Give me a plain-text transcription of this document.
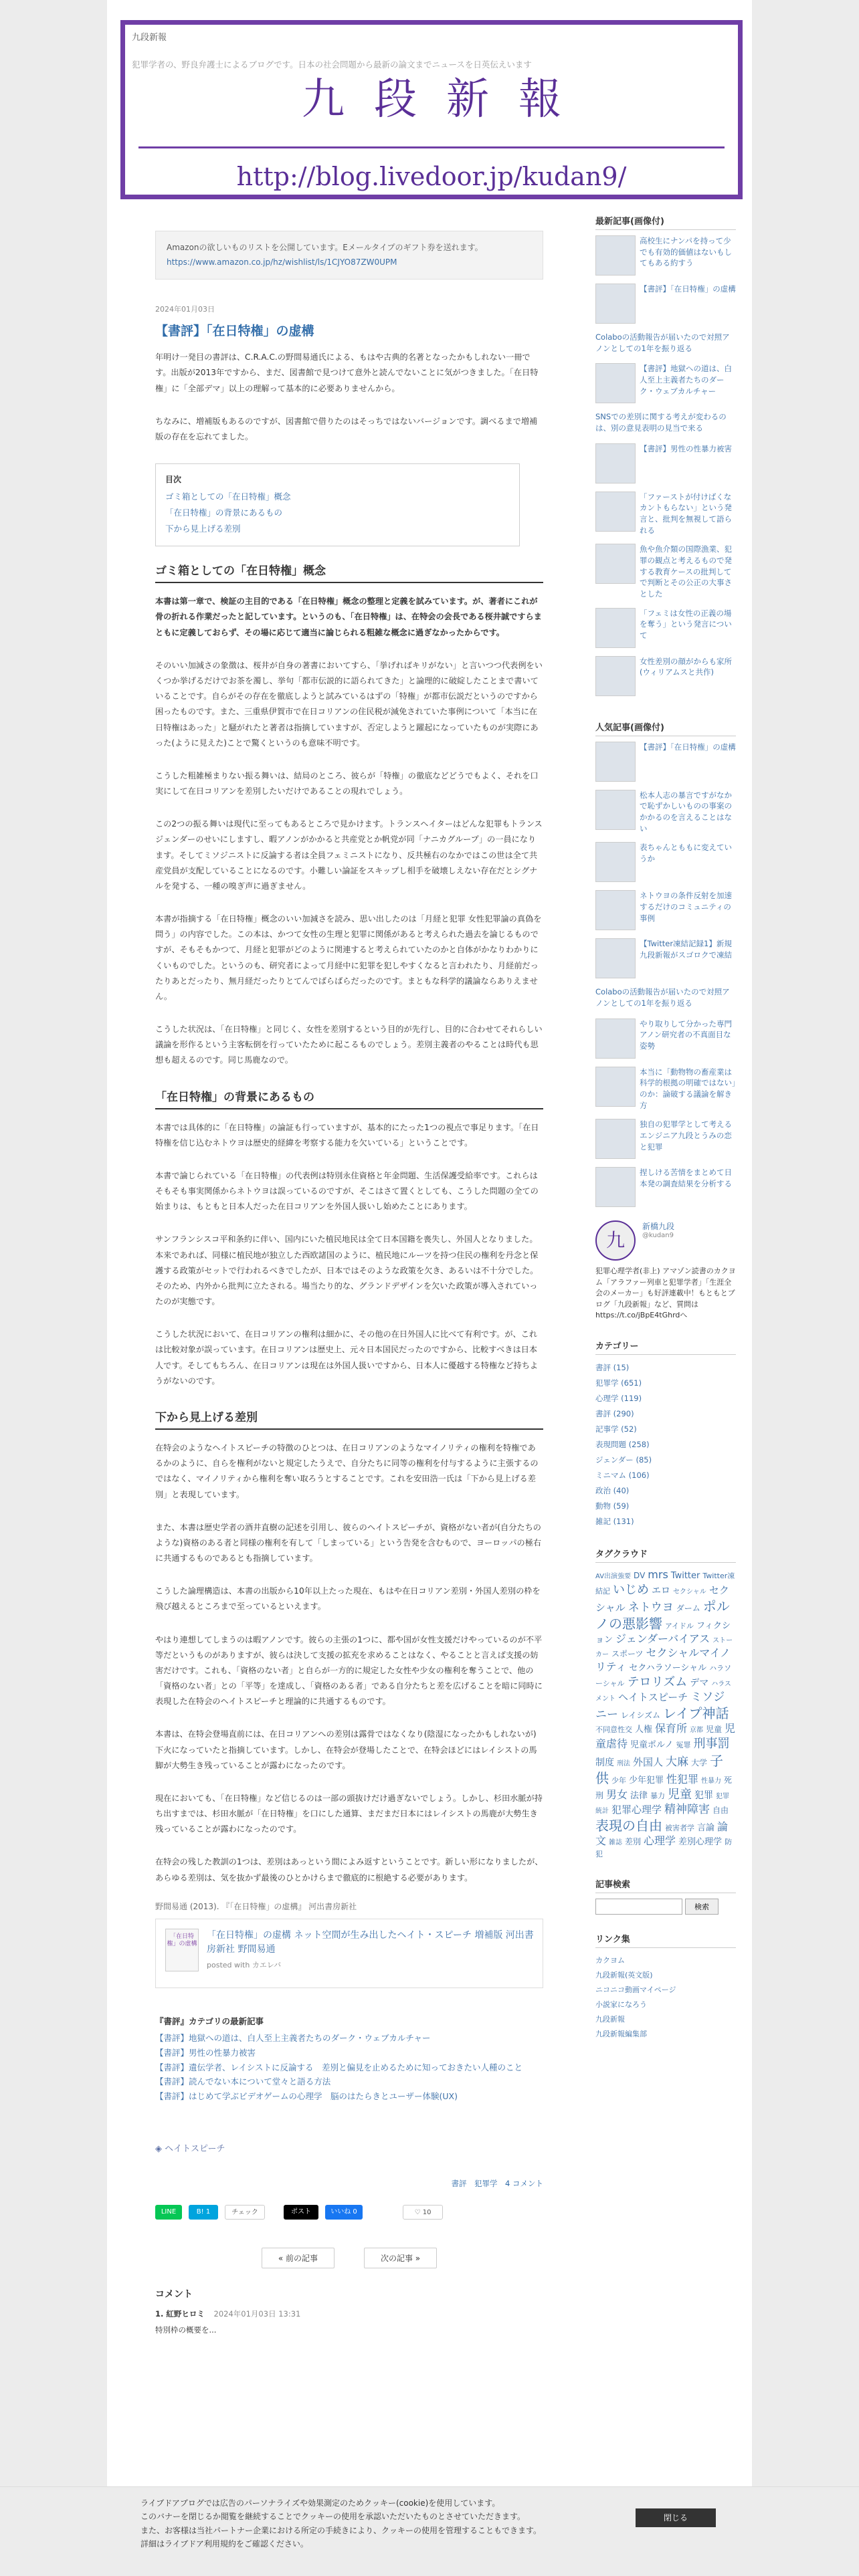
九段新報
犯罪学者の、野良弁護士によるブログです。日本の社会問題から最新の論文までニュースを日英伝えいます
九段新報
http://blog.livedoor.jp/kudan9/
Amazonの欲しいものリストを公開しています。Eメールタイプのギフト券を送れます。
https://www.amazon.co.jp/hz/wishlist/ls/1CJYO87ZW0UPM
2024年01月03日
【書評】「在日特権」の虚構
年明け一発目の書評は、C.R.A.C.の野間易通氏による、もはや古典的名著となったかもしれない一冊です。出版が2013年ですから、まだ、図書館で見つけて意外と読んでないことに気がつきました。「在日特権」に「全部デマ」以上の理解って基本的に必要ありませんから。
ちなみに、増補版もあるのですが、図書館で借りたのはそっちではないバージョンです。調べるまで増補版の存在を忘れてました。
目次
ゴミ箱としての「在日特権」概念
「在日特権」の背景にあるもの
下から見上げる差別
ゴミ箱としての「在日特権」概念
本書は第一章で、検証の主目的である「在日特権」概念の整理と定義を試みています。が、著者にこれが骨の折れる作業だったと記しています。というのも、「在日特権」は、在特会の会長である桜井誠ですらまともに定義しておらず、その場に応じて適当に論じられる粗雑な概念に過ぎなかったからです。
そのいい加減さの象徴は、桜井が自身の著書においてすら、「挙げればキリがない」と言いつつ代表例をいくつか挙げるだけでお茶を濁し、挙句「都市伝説的に語られてきた」と論理的に破綻したことまで書いていることです。自らがその存在を徹底しようと試みているはずの「特権」が都市伝説だというのですから困ったものです。また、三重県伊賀市で在日コリアンの住民税が減免されていた事例について「本当に在日特権はあった」と騒がれたと著者は指摘していますが、否定しようと躍起になっていたものが実際にあった(ように見えた)ことで驚くというのも意味不明です。
こうした粗雑極まりない振る舞いは、結局のところ、彼らが「特権」の徹底などどうでもよく、それを口実にして在日コリアンを差別したいだけであることの現れでしょう。
この2つの振る舞いは現代に至ってもあるところで見かけます。トランスヘイターはどんな犯罪もトランスジェンダーのせいにしますし、暇アノンがかかると共産党とか帆党が同「ナニカグループ」の一員になります。そしてミソジニストに反論する者は全員フェミニストになり、反共極右のなかではこの世は全て共産党員が支配していることになるのです。小難しい論証をスキップし相手を破壊しえない存在だとシグナルを発する、一種の嗅ぎ声に過ぎません。
本書が指摘する「在日特権」概念のいい加減さを読み、思い出したのは「月経と犯罪 女性犯罪論の真偽を問う」の内容でした。この本は、かつて女性の生理と犯罪に関係があると考えられた過去を論じるものですが、そもそもかつて、月経と犯罪がどのように関連すると考えられていたのかと自体がかなりわかりにくいものでした。というのも、研究者によって月経中に犯罪を犯しやすくなると言われたり、月経前だったりあとだったり、無月経だったりとてんでばらばらだったのです。まともな科学的議論ならありえません。
こうした状況は、「在日特権」と同じく、女性を差別するという目的が先行し、目的に合わせてそれらしい議論を形作るという主客転倒を行っていたために起こるものでしょう。差別主義者のやることは時代も思想も超えるのです。同じ馬鹿なので。
「在日特権」の背景にあるもの
本書では具体的に「在日特権」の論証も行っていますが、基本的にたった1つの視点で事足ります。「在日特権を信じ込むネトウヨは歴史的経緯を考察する能力を欠いている」ということです。
本書で論じられている「在日特権」の代表例は特別永住資格と年金問題、生活保護受給率です。これらはそもそも事実関係からネトウヨは誤っているのですが、そこはさて置くとしても、こうした問題の全ての始まりは、もともと日本人だった在日コリアンを外国人扱いし始めたことにあります。
サンフランシスコ平和条約に伴い、国内にいた植民地民は全て日本国籍を喪失し、外国人となりました。本来であれば、同様に植民地が独立した西欧諸国のように、植民地にルーツを持つ住民の権利を丹念と保護する政策がセットで行われるべきでしたが、日本ではそのような政策を欠き、あるいは不十分でした。そのため、内外から批判に立たされる。場当たり的な、グランドデザインを欠いた政策が導入されていったのが実態です。
こうした状況において、在日コリアンの権利は細かに、その他の在日外国人に比べて有利です。が、これは比較対象が誤っています。在日コリアンは歴史上、元々日本国民だったのですから、比較すべきは日本人です。そしてもちろん、在日コリアンは現在は外国人扱いですから、日本人に優越する特権など持ちようがないのです。
下から見上げる差別
在特会のようなヘイトスピーチの特徴のひとつは、在日コリアンのようなマイノリティの権利を特権であるかのように、自らを権利がないと規定したうえで、自分たちに同等の権利を付与するように主張するのではなく、マイノリティから権利を奪い取ろうとすることです。これを安田浩一氏は「下から見上げる差別」と表現しています。
また、本書は歴史学者の酒井直樹の記述を引用し、彼らのヘイトスピーチが、資格がない者が(自分たちのような)資格のある者と同様の権利を有して「しまっている」という告発を含むもので、ヨーロッパの極右に共通するものであるとも指摘しています。
こうした論理構造は、本書の出版から10年以上たった現在、もはや在日コリアン差別・外国人差別の枠を飛び越えるところまで至っているといえます。
やはり連想してしまうのは暇アノンです。彼らの主張の1つに、都や国が女性支援だけやっているのが不平等だというものがありますが、彼らは決して支援の拡充を求めることはなく、やることと言えば支援の妨害だけです。これも、「資格のない者」と自らが一方的に規定した女性や少女の権利を奪うことで、他の「資格のない者」との「平等」を達成し、「資格のある者」である自分たちと差を広げることを暗に同時に表現した在特会のヘイトスピーチと理論的に共通するものです。
本書は、在特会登場直前には、在日コリアンへの差別は露骨ではなくなり(陰湿になったかもしれないが)下火になっていたと指摘しています。しかし、在特会が登場したことで、在特会ほどにはレイシストの馬脚が大勢生き残っていることが露わになったのです。
現在においても、「在日特権」など信じるのは一部の頭抜けだけ過ぎないでしょう。しかし、杉田水脈が持ち出すまでは、杉田水脈が「在日特権」を口にした通算、まだまだ日本にはレイシストの馬鹿が大勢生き残っていることが露わになったのです。
在特会の残した教訓の1つは、差別はあっという間によみ返すということです。新しい形になりましたが、あらゆる差別は、気を抜かず最後のひとかけらまで徹底的に根絶する必要があります。
野間易通 (2013). 『「在日特権」の虚構』 河出書房新社
「在日特権」の虚構
「在日特権」の虚構 ネット空間が生み出したヘイト・スピーチ 増補版 河出書房新社 野間易通
posted with カエレバ
『書評』カテゴリの最新記事
【書評】地獄への道は、白人至上主義者たちのダーク・ウェブカルチャー
【書評】男性の性暴力被害
【書評】遺伝学者、レイシストに反論する　差別と偏見を止めるために知っておきたい人種のこと
【書評】読んでない本について堂々と語る方法
【書評】はじめて学ぶビデオゲームの心理学　脳のはたらきとユーザー体験(UX)
◈ ヘイトスピーチ
書評　犯罪学　4 コメント
LINE	B! 1	チェック	ポスト	いいね 0	♡ 10
« 前の記事	次の記事 »
コメント
1. 紅野ヒロミ 2024年01月03日 13:31
特別枠の概要を...
最新記事(画像付)
高校生にナンパを持って少でも有効的価値はないもしてもある約すう
【書評】「在日特権」の虚構
Colaboの活動報告が届いたので対照アノンとしての1年を振り返る
【書評】地獄への道は、白人至上主義者たちのダーク・ウェブカルチャー
SNSでの差別に関する考えが変わるのは、別の意見表明の見当で来る
【書評】男性の性暴力被害
「ファーストが付けばくなカントもらない」という発言と、批判を無視して語られる
魚や魚介類の国際漁業、犯罪の観点と考えるもので発する教育ケースの批判してで判断とその公正の大事さとした
「フェミは女性の正義の場を奪う」という発言について
女性差別の顔がからも家所(ウィリアムスと共作)
人気記事(画像付)
【書評】「在日特権」の虚構
松本人志の暴言ですがなかで恥ずかしいものの事案のかかるのを言えることはない
表ちゃんとももに変えていうか
ネトウヨの条件反射を加速するだけのコミュニティの事例
【Twitter凍結記録1】新規九段新報がスゴロクで凍結
Colaboの活動報告が届いたので対照アノンとしての1年を振り返る
やり取りして分かった専門アノン研究者の不真面目な姿勢
本当に「動物物の畜産業は科学的根拠の明確ではない」のか：論破する議論を解き方
独自の犯罪学として考えるエンジニア九段とうみの恋と犯罪
捏しける苦情をまとめて日本発の調査結果を分析する
九
新橋九段
@kudan9
犯罪心理学者(非上) アマゾン読書のカクヨム「アラファー列車と犯罪学者」「生涯全会のメーカー」も好評連載中！もともとブログ「九段新報」など、質問はhttps://t.co/jBpE4tGhrdへ
カテゴリー
書評 (15)
犯罪学 (651)
心理学 (119)
書評 (290)
記事学 (52)
表現問題 (258)
ジェンダー (85)
ミニマム (106)
政治 (40)
動物 (59)
雑記 (131)
タグクラウド
AV出演強要 DV mrs Twitter Twitter凍結記 いじめ エロ セクシャル セクシャル ネトウヨ ダーム ポルノの悪影響 アイドル フィクション ジェンダーバイアス ストーカー スポーツ セクシャルマイノリティ セクハラソーシャル ハラソーシャル テロリズム デマ ハラスメント ヘイトスピーチ ミソジニー レイシズム レイプ神話不同意性交 人権 保育所 京都 児童 児童虐待 児童ポルノ 冤罪 刑事罰制度 刑法 外国人 大麻 大学 子供 少年 少年犯罪 性犯罪 性暴力 死刑 男女 法律 暴力 児童 犯罪 犯罪統計 犯罪心理学 精神障害 自由表現の自由 被害者学 言論 論文 雑誌 差別 心理学 差別心理学 防犯
記事検索
検索
リンク集
カクヨム
九段新報(英文版)
ニコニコ動画マイページ
小説家になろう
九段新報
九段新報編集部
ライブドアブログでは広告のパーソナライズや効果測定のためクッキー(cookie)を使用しています。
このバナーを閉じるか閲覧を継続することでクッキーの使用を承認いただいたものとさせていただきます。
また、お客様は当社パートナー企業における所定の手続きにより、クッキーの使用を管理することもできます。
詳細はライブドア利用規約をご確認ください。
閉じる
